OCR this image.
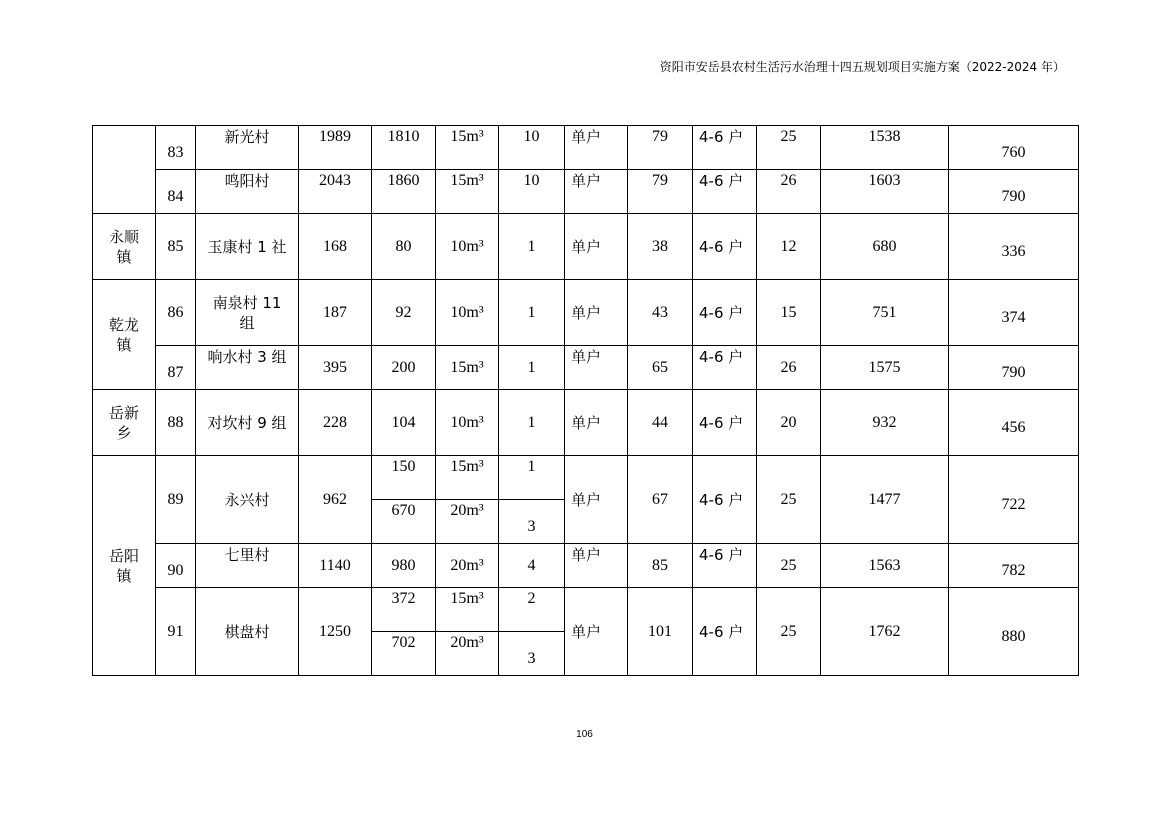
资阳市安岳县农村生活污水治理十四五规划项目实施方案（2022-2024 年）
	83	新光村	1989	1810	15m³	10	单户	79	4-6 户	25	1538	760
	84	鸣阳村	2043	1860	15m³	10	单户	79	4-6 户	26	1603	790
永顺镇	85	玉康村 1 社	168	80	10m³	1	单户	38	4-6 户	12	680	336
乾龙镇	86	南泉村 11 组	187	92	10m³	1	单户	43	4-6 户	15	751	374
	87	响水村 3 组	395	200	15m³	1	单户	65	4-6 户	26	1575	790
岳新乡	88	对坎村 9 组	228	104	10m³	1	单户	44	4-6 户	20	932	456
岳阳镇	89	永兴村	962	150	15m³	1	单户	67	4-6 户	25	1477	722
				670	20m³	3						
	90	七里村	1140	980	20m³	4	单户	85	4-6 户	25	1563	782
	91	棋盘村	1250	372	15m³	2	单户	101	4-6 户	25	1762	880
				702	20m³	3						
106
